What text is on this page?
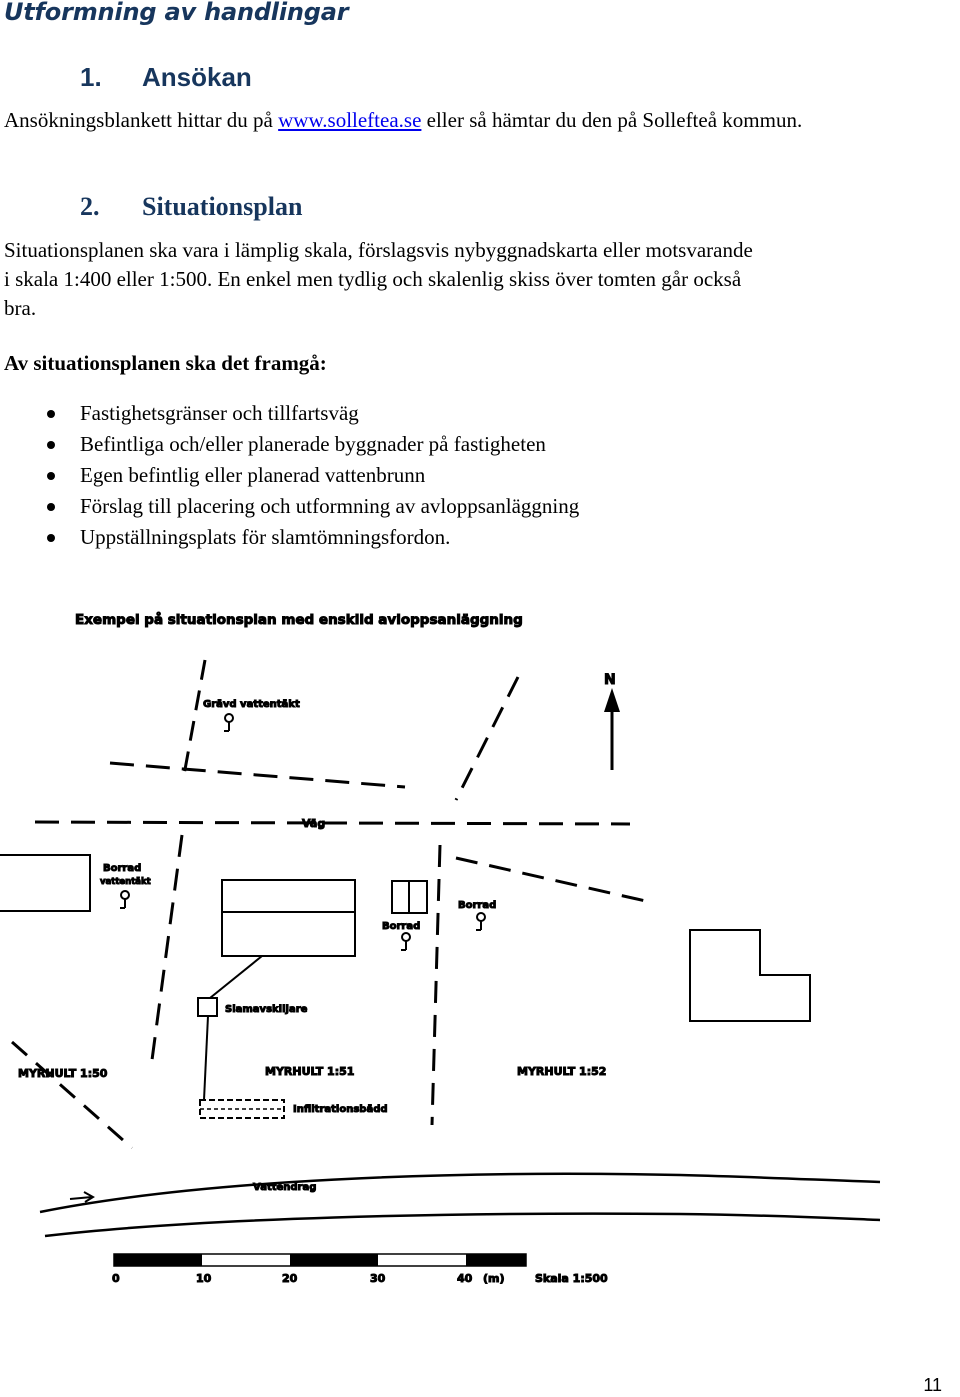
Utformning av handlingar
1. Ansökan

Ansökningsblankett hittar du på www.solleftea.se eller så hämtar du den på Sollefteå kommun.

2. Situationsplan

Situationsplanen ska vara i lämplig skala, förslagsvis nybyggnadskarta eller motsvarande
i skala 1:400 eller 1:500. En enkel men tydlig och skalenlig skiss över tomten går också
bra.

Av situationsplanen ska det framgå:

Fastighetsgränser och tillfartsväg
Befintliga och/eller planerade byggnader på fastigheten
Egen befintlig eller planerad vattenbrunn
Förslag till placering och utformning av avloppsanläggning
Uppställningsplats för slamtömningsfordon.
Exempel på situationsplan med enskild avloppsanläggning
N
Grävd vattentäkt
Väg
Borrad
vattentäkt
Borrad
Borrad
Slamavskiljare
Infiltrationsbädd
MYRHULT 1:50	MYRHULT 1:51	MYRHULT 1:52
Vattendrag
0	10	20	30	40 (m)	Skala 1:500

11
